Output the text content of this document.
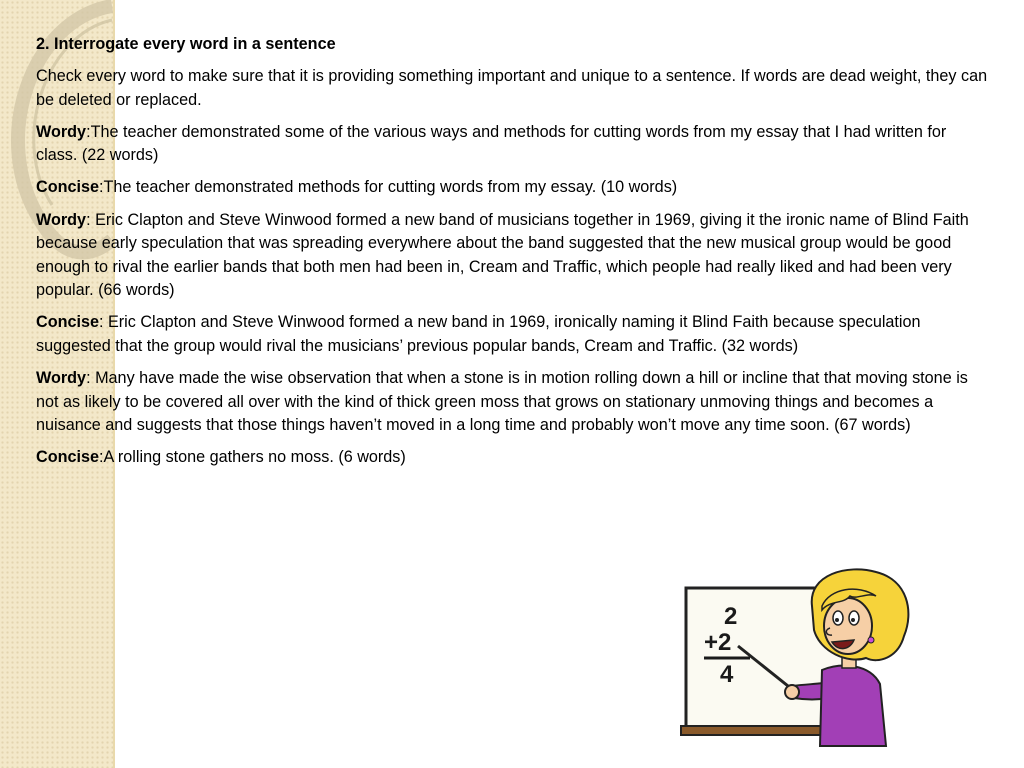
2. Interrogate every word in a sentence

Check every word to make sure that it is providing something important and unique to a sentence. If words are dead weight, they can be deleted or replaced.

Wordy:The teacher demonstrated some of the various ways and methods for cutting words from my essay that I had written for class. (22 words)

Concise:The teacher demonstrated methods for cutting words from my essay. (10 words)

Wordy: Eric Clapton and Steve Winwood formed a new band of musicians together in 1969, giving it the ironic name of Blind Faith because early speculation that was spreading everywhere about the band suggested that the new musical group would be good enough to rival the earlier bands that both men had been in, Cream and Traffic, which people had really liked and had been very popular. (66 words)

Concise: Eric Clapton and Steve Winwood formed a new band in 1969, ironically naming it Blind Faith because speculation suggested that the group would rival the musicians’ previous popular bands, Cream and Traffic. (32 words)

Wordy: Many have made the wise observation that when a stone is in motion rolling down a hill or incline that that moving stone is not as likely to be covered all over with the kind of thick green moss that grows on stationary unmoving things and becomes a nuisance and suggests that those things haven’t moved in a long time and probably won’t move any time soon. (67 words)

Concise:A rolling stone gathers no moss. (6 words)

2
+2
4
